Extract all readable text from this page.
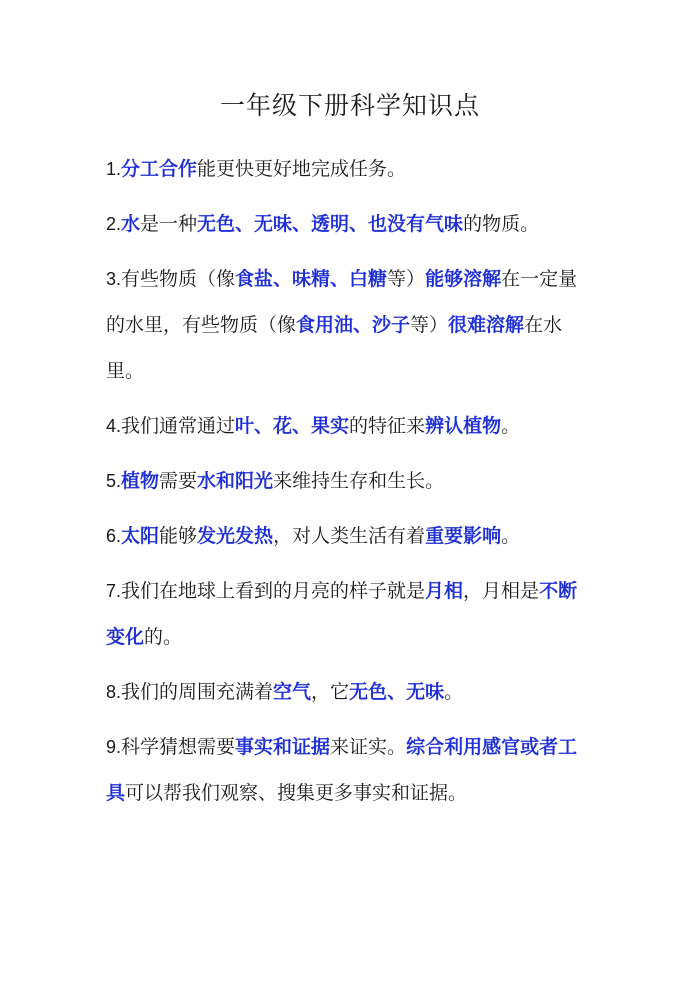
一年级下册科学知识点
1.分工合作能更快更好地完成任务。
2.水是一种无色、无味、透明、也没有气味的物质。
3.有些物质（像食盐、味精、白糖等）能够溶解在一定量的水里，有些物质（像食用油、沙子等）很难溶解在水里。
4.我们通常通过叶、花、果实的特征来辨认植物。
5.植物需要水和阳光来维持生存和生长。
6.太阳能够发光发热，对人类生活有着重要影响。
7.我们在地球上看到的月亮的样子就是月相，月相是不断变化的。
8.我们的周围充满着空气，它无色、无味。
9.科学猜想需要事实和证据来证实。综合利用感官或者工具可以帮我们观察、搜集更多事实和证据。
